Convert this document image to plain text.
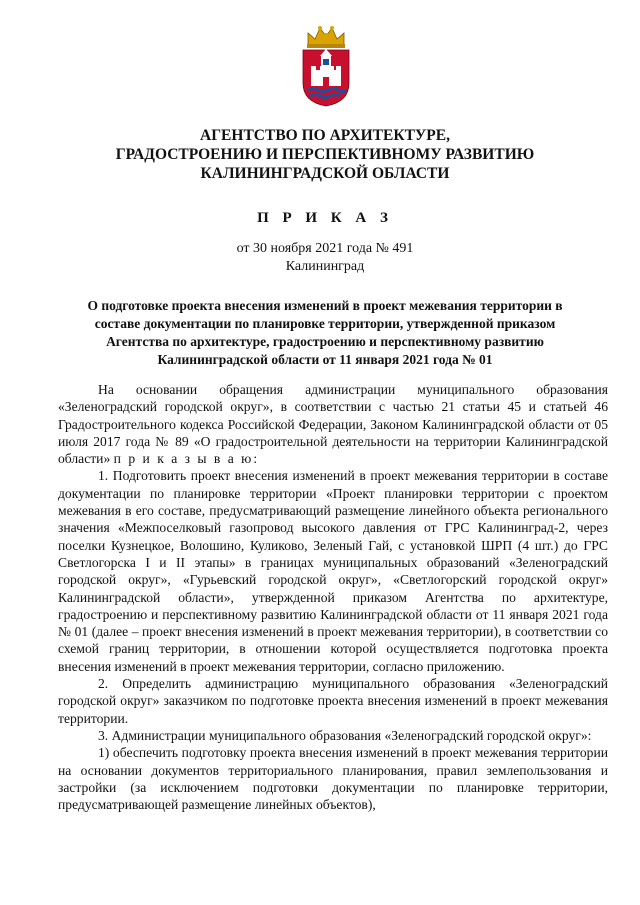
АГЕНТСТВО ПО АРХИТЕКТУРЕ,
ГРАДОСТРОЕНИЮ И ПЕРСПЕКТИВНОМУ РАЗВИТИЮ
КАЛИНИНГРАДСКОЙ ОБЛАСТИ
П Р И К А З
от 30 ноября 2021 года № 491
Калининград
О подготовке проекта внесения изменений в проект межевания территории в
составе документации по планировке территории, утвержденной приказом
Агентства по архитектуре, градостроению и перспективному развитию
Калининградской области от 11 января 2021 года № 01

На основании обращения администрации муниципального образования «Зеленоградский городской округ», в соответствии с частью 21 статьи 45 и статьей 46 Градостроительного кодекса Российской Федерации, Законом Калининградской области от 05 июля 2017 года № 89 «О градостроительной деятельности на территории Калининградской области» п р и к а з ы в а ю:

1. Подготовить проект внесения изменений в проект межевания территории в составе документации по планировке территории «Проект планировки территории с проектом межевания в его составе, предусматривающий размещение линейного объекта регионального значения «Межпоселковый газопровод высокого давления от ГРС Калининград-2, через поселки Кузнецкое, Волошино, Куликово, Зеленый Гай, с установкой ШРП (4 шт.) до ГРС Светлогорска I и II этапы» в границах муниципальных образований «Зеленоградский городской округ», «Гурьевский городской округ», «Светлогорский городской округ» Калининградской области», утвержденной приказом Агентства по архитектуре, градостроению и перспективному развитию Калининградской области от 11 января 2021 года № 01 (далее – проект внесения изменений в проект межевания территории), в соответствии со схемой границ территории, в отношении которой осуществляется подготовка проекта внесения изменений в проект межевания территории, согласно приложению.

2. Определить администрацию муниципального образования «Зеленоградский городской округ» заказчиком по подготовке проекта внесения изменений в проект межевания территории.

3. Администрации муниципального образования «Зеленоградский городской округ»:

1) обеспечить подготовку проекта внесения изменений в проект межевания территории на основании документов территориального планирования, правил землепользования и застройки (за исключением подготовки документации по планировке территории, предусматривающей размещение линейных объектов),
